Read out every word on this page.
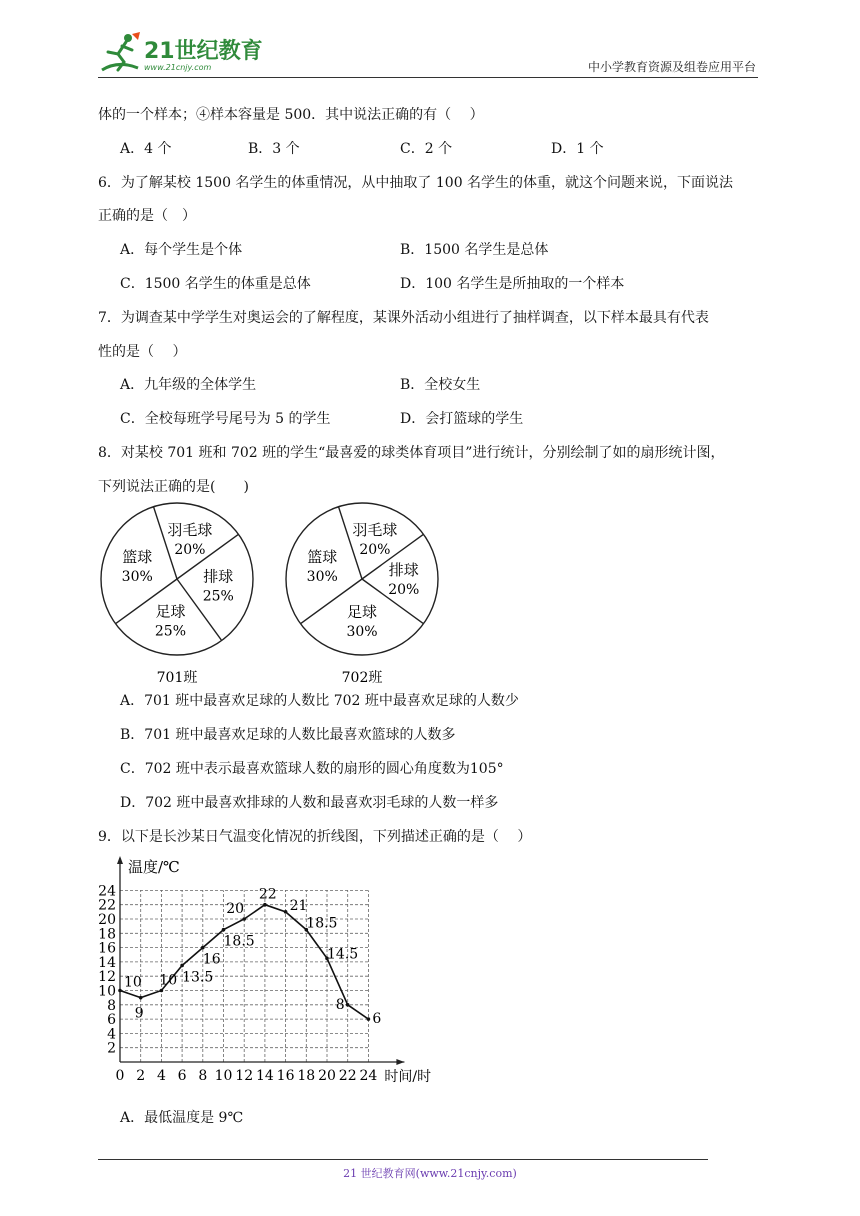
21世纪教育
www.21cnjy.com	中小学教育资源及组卷应用平台
体的一个样本；④样本容量是 500．其中说法正确的有（　 ）
A．4 个	B．3 个	C．2 个	D．1 个
6．为了解某校 1500 名学生的体重情况，从中抽取了 100 名学生的体重，就这个问题来说，下面说法
正确的是（　）
A．每个学生是个体	B．1500 名学生是总体
C．1500 名学生的体重是总体	D．100 名学生是所抽取的一个样本
7．为调查某中学学生对奥运会的了解程度，某课外活动小组进行了抽样调查，以下样本最具有代表
性的是（　 ）
A．九年级的全体学生	B．全校女生
C．全校每班学号尾号为 5 的学生	D．会打篮球的学生
8．对某校 701 班和 702 班的学生“最喜爱的球类体育项目”进行统计，分别绘制了如的扇形统计图，
下列说法正确的是(　　)
篮球
30%
羽毛球
20%
排球
25%
足球
25%
701班
篮球
30%
羽毛球
20%
排球
20%
足球
30%
702班
A．701 班中最喜欢足球的人数比 702 班中最喜欢足球的人数少
B．701 班中最喜欢足球的人数比最喜欢篮球的人数多
C．702 班中表示最喜欢篮球人数的扇形的圆心角度数为105°
D．702 班中最喜欢排球的人数和最喜欢羽毛球的人数一样多
9．以下是长沙某日气温变化情况的折线图，下列描述正确的是（　 ）
2
4
6
8
10
12
14
16
18
20
22
24
0 2 4 6 8 10 12 14 16 18 20 22 24
温度/℃
时间/时
10
9
10 13.5
16
18.5
20
22
21
18.5
14.5
8
6
A．最低温度是 9℃
21 世纪教育网(www.21cnjy.com)
